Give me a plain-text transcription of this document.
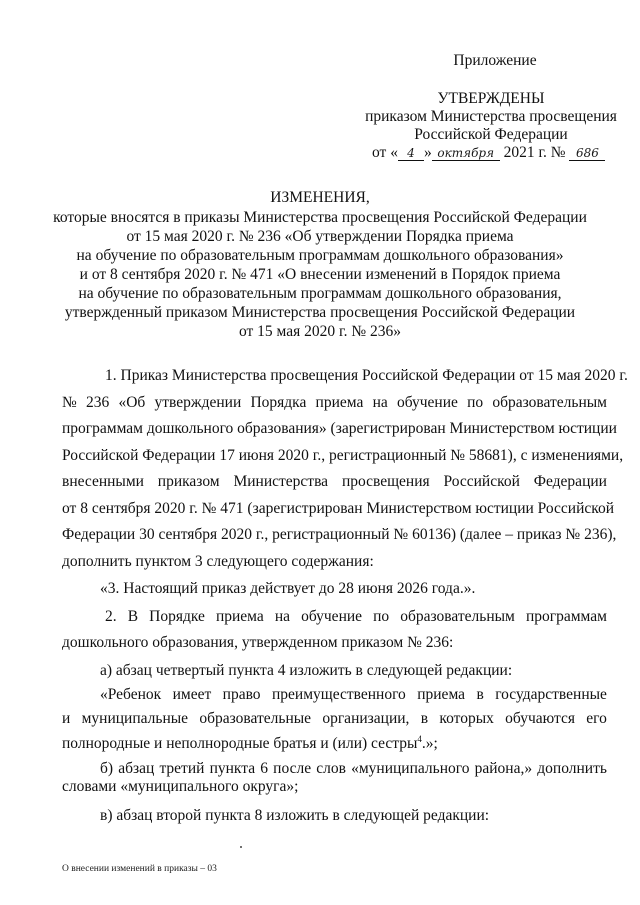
Приложение
УТВЕРЖДЕНЫ
приказом Министерства просвещения
Российской Федерации
от « 4 » октября 2021 г. № 686
ИЗМЕНЕНИЯ,
которые вносятся в приказы Министерства просвещения Российской Федерации
от 15 мая 2020 г. № 236 «Об утверждении Порядка приема
на обучение по образовательным программам дошкольного образования»
и от 8 сентября 2020 г. № 471 «О внесении изменений в Порядок приема
на обучение по образовательным программам дошкольного образования,
утвержденный приказом Министерства просвещения Российской Федерации
от 15 мая 2020 г. № 236»
1. Приказ Министерства просвещения Российской Федерации от 15 мая 2020 г.
№ 236 «Об утверждении Порядка приема на обучение по образовательным
программам дошкольного образования» (зарегистрирован Министерством юстиции
Российской Федерации 17 июня 2020 г., регистрационный № 58681), с изменениями,
внесенными приказом Министерства просвещения Российской Федерации
от 8 сентября 2020 г. № 471 (зарегистрирован Министерством юстиции Российской
Федерации 30 сентября 2020 г., регистрационный № 60136) (далее – приказ № 236),
дополнить пунктом 3 следующего содержания:
«3. Настоящий приказ действует до 28 июня 2026 года.».
2. В Порядке приема на обучение по образовательным программам
дошкольного образования, утвержденном приказом № 236:
а) абзац четвертый пункта 4 изложить в следующей редакции:
«Ребенок имеет право преимущественного приема в государственные
и муниципальные образовательные организации, в которых обучаются его
полнородные и неполнородные братья и (или) сестры$^4$.»;
б) абзац третий пункта 6 после слов «муниципального района,» дополнить
О внесении изменений в приказы – 03
словами «муниципального округа»;
в) абзац второй пункта 8 изложить в следующей редакции:
